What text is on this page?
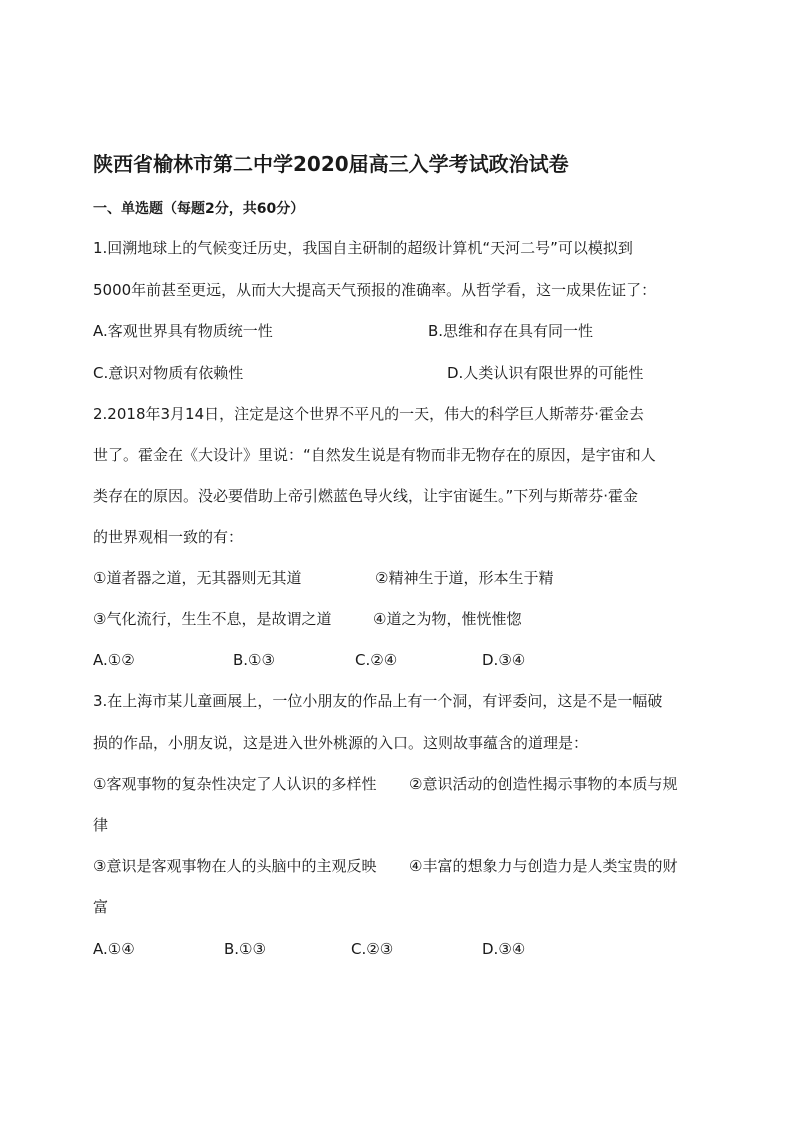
陕西省榆林市第二中学2020届高三入学考试政治试卷
一、单选题（每题2分，共60分）
1.回溯地球上的气候变迁历史，我国自主研制的超级计算机“天河二号”可以模拟到
5000年前甚至更远，从而大大提高天气预报的准确率。从哲学看，这一成果佐证了：
A.客观世界具有物质统一性	B.思维和存在具有同一性
C.意识对物质有依赖性	D.人类认识有限世界的可能性
2.2018年3月14日，注定是这个世界不平凡的一天，伟大的科学巨人斯蒂芬·霍金去
世了。霍金在《大设计》里说：“自然发生说是有物而非无物存在的原因，是宇宙和人
类存在的原因。没必要借助上帝引燃蓝色导火线，让宇宙诞生。”下列与斯蒂芬·霍金
的世界观相一致的有：
①道者器之道，无其器则无其道	②精神生于道，形本生于精
③气化流行，生生不息，是故谓之道	④道之为物，惟恍惟惚
A.①②	B.①③	C.②④	D.③④
3.在上海市某儿童画展上，一位小朋友的作品上有一个洞，有评委问，这是不是一幅破
损的作品，小朋友说，这是进入世外桃源的入口。这则故事蕴含的道理是：
①客观事物的复杂性决定了人认识的多样性 ②意识活动的创造性揭示事物的本质与规
律
③意识是客观事物在人的头脑中的主观反映 ④丰富的想象力与创造力是人类宝贵的财
富
A.①④	B.①③	C.②③	D.③④
